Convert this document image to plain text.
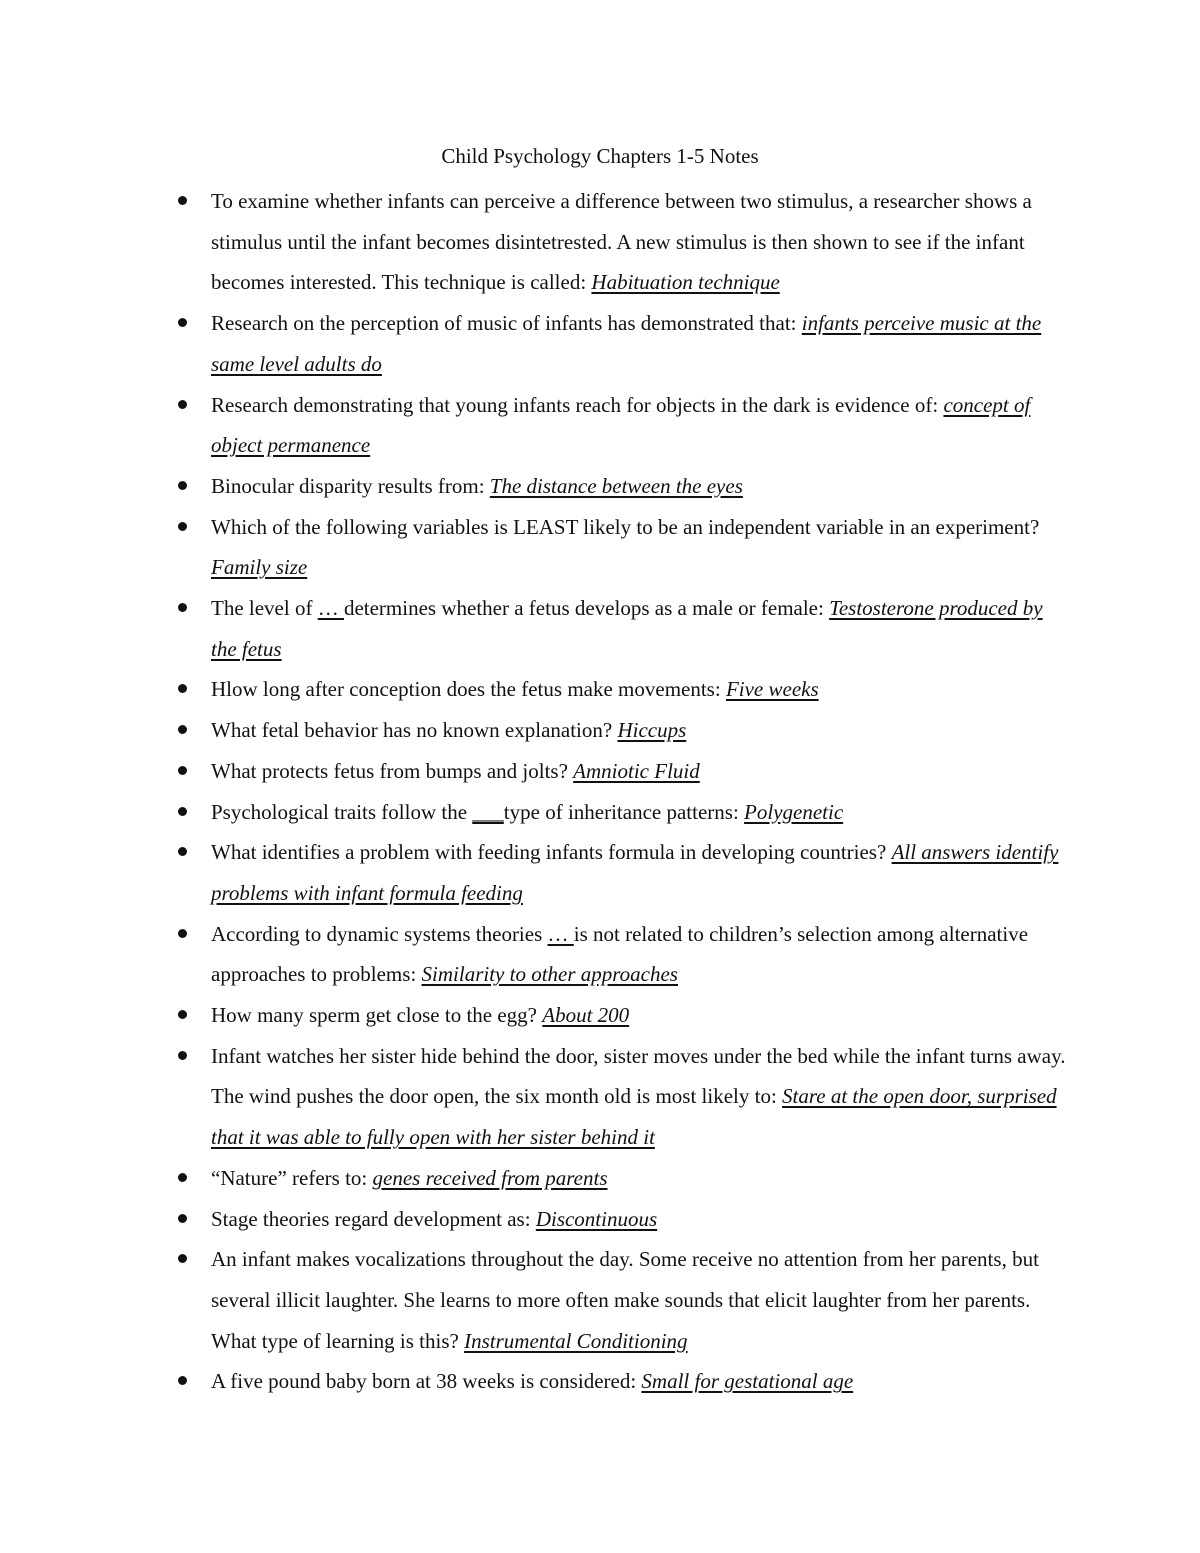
Child Psychology Chapters 1-5 Notes
To examine whether infants can perceive a difference between two stimulus, a researcher shows a stimulus until the infant becomes disintetrested. A new stimulus is then shown to see if the infant becomes interested. This technique is called: Habituation technique
Research on the perception of music of infants has demonstrated that: infants perceive music at the same level adults do
Research demonstrating that young infants reach for objects in the dark is evidence of: concept of object permanence
Binocular disparity results from: The distance between the eyes
Which of the following variables is LEAST likely to be an independent variable in an experiment? Family size
The level of … determines whether a fetus develops as a male or female: Testosterone produced by the fetus
Hlow long after conception does the fetus make movements: Five weeks
What fetal behavior has no known explanation? Hiccups
What protects fetus from bumps and jolts? Amniotic Fluid
Psychological traits follow the ___type of inheritance patterns: Polygenetic
What identifies a problem with feeding infants formula in developing countries? All answers identify problems with infant formula feeding
According to dynamic systems theories … is not related to children’s selection among alternative approaches to problems: Similarity to other approaches
How many sperm get close to the egg? About 200
Infant watches her sister hide behind the door, sister moves under the bed while the infant turns away. The wind pushes the door open, the six month old is most likely to: Stare at the open door, surprised that it was able to fully open with her sister behind it
“Nature” refers to: genes received from parents
Stage theories regard development as: Discontinuous
An infant makes vocalizations throughout the day. Some receive no attention from her parents, but several illicit laughter. She learns to more often make sounds that elicit laughter from her parents. What type of learning is this? Instrumental Conditioning
A five pound baby born at 38 weeks is considered: Small for gestational age
